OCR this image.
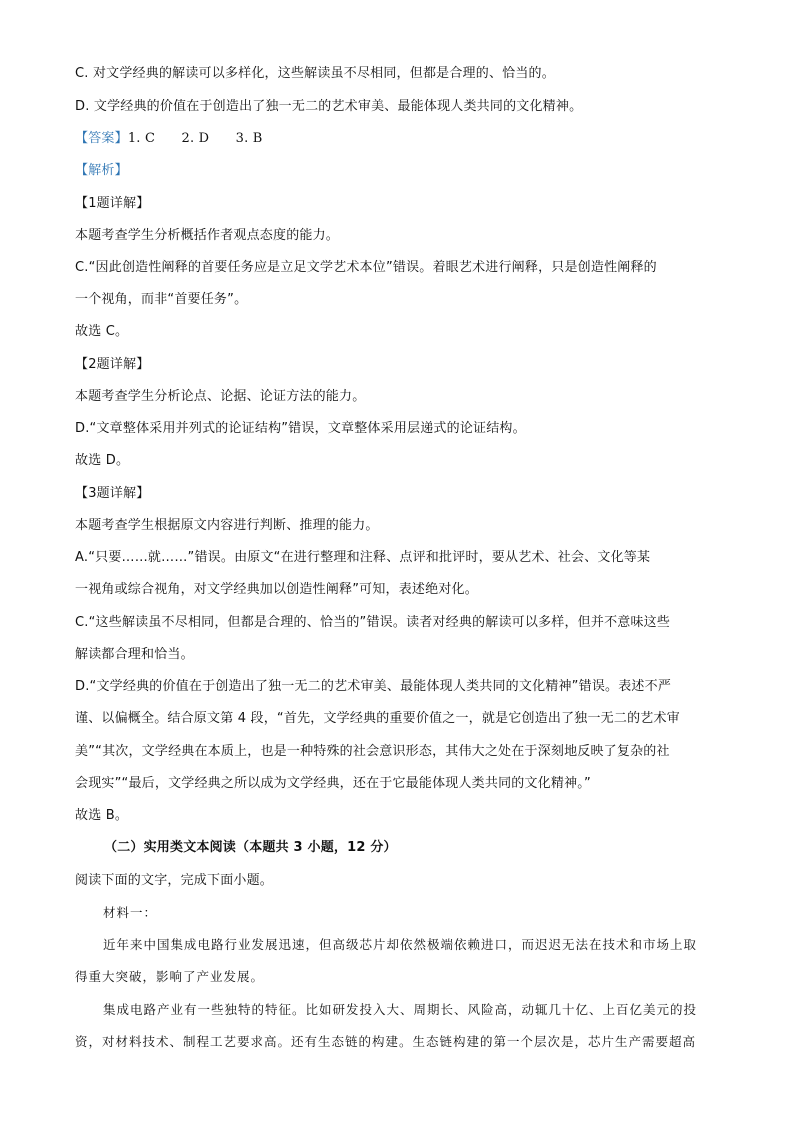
C. 对文学经典的解读可以多样化，这些解读虽不尽相同，但都是合理的、恰当的。
D. 文学经典的价值在于创造出了独一无二的艺术审美、最能体现人类共同的文化精神。
【答案】1. C　　2. D　　3. B
【解析】
【1题详解】
本题考查学生分析概括作者观点态度的能力。
C.“因此创造性阐释的首要任务应是立足文学艺术本位”错误。着眼艺术进行阐释，只是创造性阐释的
一个视角，而非“首要任务”。
故选 C。
【2题详解】
本题考查学生分析论点、论据、论证方法的能力。
D.“文章整体采用并列式的论证结构”错误，文章整体采用层递式的论证结构。
故选 D。
【3题详解】
本题考查学生根据原文内容进行判断、推理的能力。
A.“只要……就……”错误。由原文“在进行整理和注释、点评和批评时，要从艺术、社会、文化等某
一视角或综合视角，对文学经典加以创造性阐释”可知，表述绝对化。
C.“这些解读虽不尽相同，但都是合理的、恰当的”错误。读者对经典的解读可以多样，但并不意味这些
解读都合理和恰当。
D.“文学经典的价值在于创造出了独一无二的艺术审美、最能体现人类共同的文化精神”错误。表述不严
谨、以偏概全。结合原文第 4 段，“首先，文学经典的重要价值之一，就是它创造出了独一无二的艺术审
美”“其次，文学经典在本质上，也是一种特殊的社会意识形态，其伟大之处在于深刻地反映了复杂的社
会现实”“最后，文学经典之所以成为文学经典，还在于它最能体现人类共同的文化精神。”
故选 B。
（二）实用类文本阅读（本题共 3 小题，12 分）
阅读下面的文字，完成下面小题。
材料一：
近年来中国集成电路行业发展迅速，但高级芯片却依然极端依赖进口，而迟迟无法在技术和市场上取
得重大突破，影响了产业发展。
集成电路产业有一些独特的特征。比如研发投入大、周期长、风险高，动辄几十亿、上百亿美元的投
资，对材料技术、制程工艺要求高。还有生态链的构建。生态链构建的第一个层次是，芯片生产需要超高
